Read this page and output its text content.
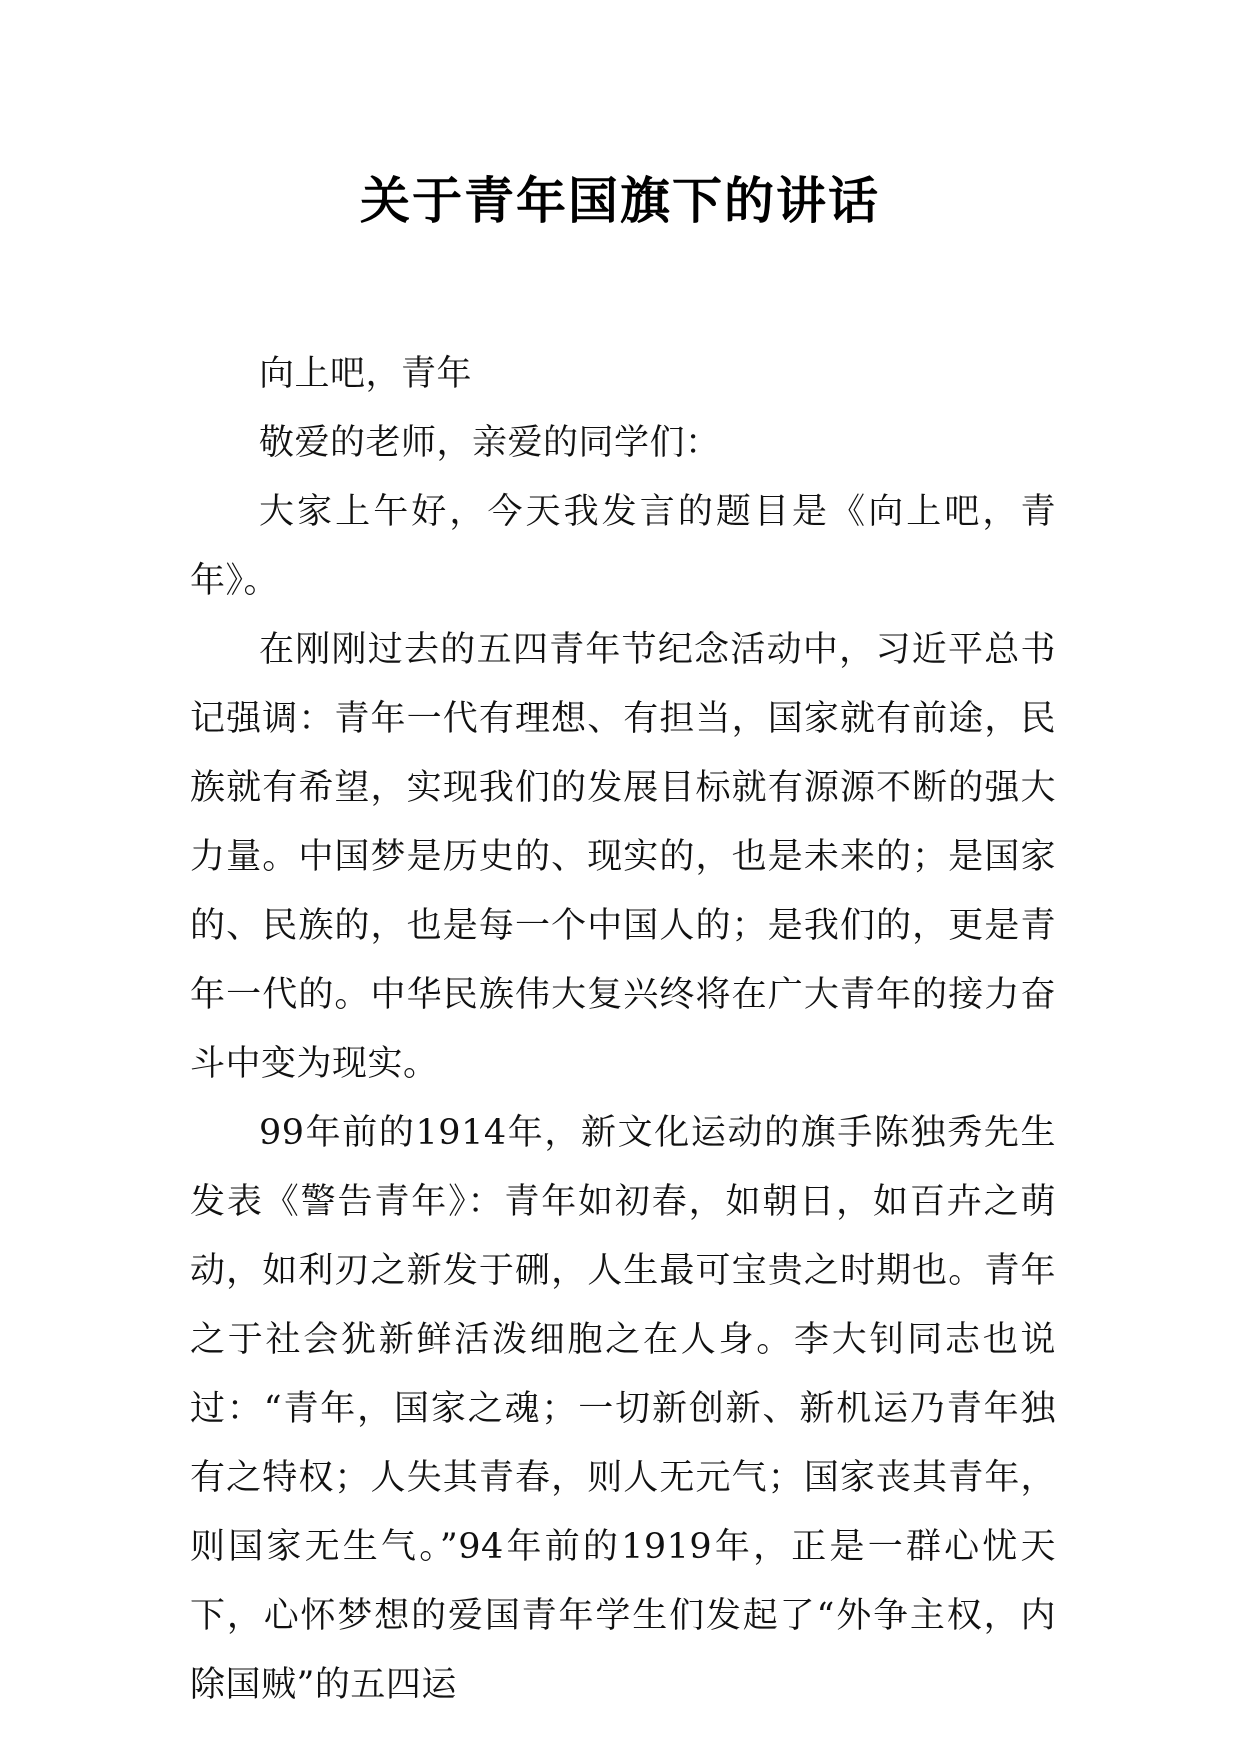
关于青年国旗下的讲话

向上吧，青年

敬爱的老师，亲爱的同学们：

大家上午好，今天我发言的题目是《向上吧，青年》。

在刚刚过去的五四青年节纪念活动中，习近平总书记强调：青年一代有理想、有担当，国家就有前途，民族就有希望，实现我们的发展目标就有源源不断的强大力量。中国梦是历史的、现实的，也是未来的；是国家的、民族的，也是每一个中国人的；是我们的，更是青年一代的。中华民族伟大复兴终将在广大青年的接力奋斗中变为现实。

99年前的1914年，新文化运动的旗手陈独秀先生发表《警告青年》：青年如初春，如朝日，如百卉之萌动，如利刃之新发于硎，人生最可宝贵之时期也。青年之于社会犹新鲜活泼细胞之在人身。李大钊同志也说过：“青年，国家之魂；一切新创新、新机运乃青年独有之特权；人失其青春，则人无元气；国家丧其青年，则国家无生气。”94年前的1919年，正是一群心忧天下，心怀梦想的爱国青年学生们发起了“外争主权，内除国贼”的五四运
